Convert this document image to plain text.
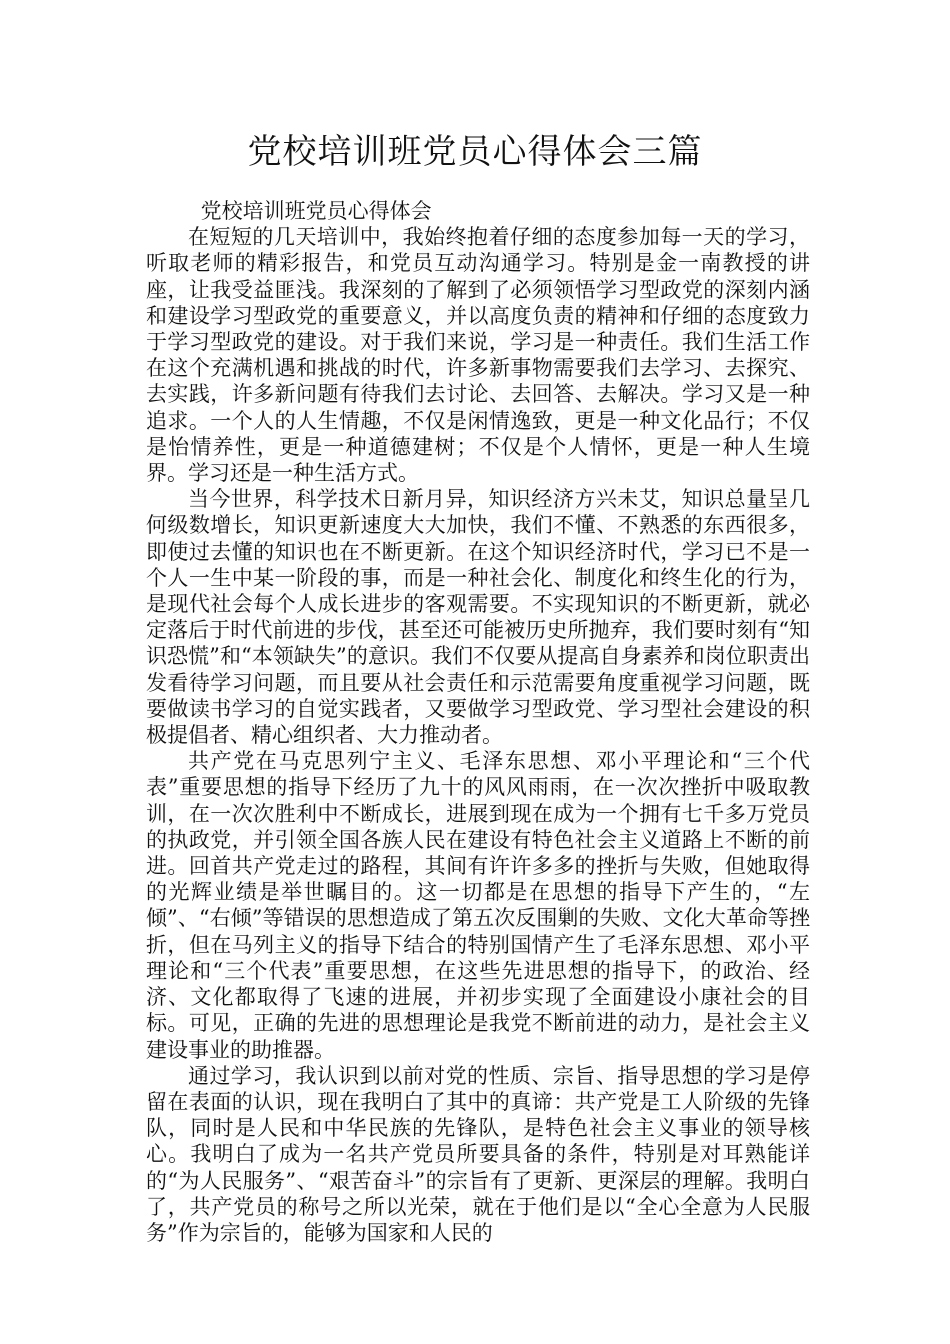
党校培训班党员心得体会三篇

党校培训班党员心得体会

在短短的几天培训中，我始终抱着仔细的态度参加每一天的学习，听取老师的精彩报告，和党员互动沟通学习。特别是金一南教授的讲座，让我受益匪浅。我深刻的了解到了必须领悟学习型政党的深刻内涵和建设学习型政党的重要意义，并以高度负责的精神和仔细的态度致力于学习型政党的建设。对于我们来说，学习是一种责任。我们生活工作在这个充满机遇和挑战的时代，许多新事物需要我们去学习、去探究、去实践，许多新问题有待我们去讨论、去回答、去解决。学习又是一种追求。一个人的人生情趣，不仅是闲情逸致，更是一种文化品行；不仅是怡情养性，更是一种道德建树；不仅是个人情怀，更是一种人生境界。学习还是一种生活方式。

当今世界，科学技术日新月异，知识经济方兴未艾，知识总量呈几何级数增长，知识更新速度大大加快，我们不懂、不熟悉的东西很多，即使过去懂的知识也在不断更新。在这个知识经济时代，学习已不是一个人一生中某一阶段的事，而是一种社会化、制度化和终生化的行为，是现代社会每个人成长进步的客观需要。不实现知识的不断更新，就必定落后于时代前进的步伐，甚至还可能被历史所抛弃，我们要时刻有“知识恐慌”和“本领缺失”的意识。我们不仅要从提高自身素养和岗位职责出发看待学习问题，而且要从社会责任和示范需要角度重视学习问题，既要做读书学习的自觉实践者，又要做学习型政党、学习型社会建设的积极提倡者、精心组织者、大力推动者。

共产党在马克思列宁主义、毛泽东思想、邓小平理论和“三个代表”重要思想的指导下经历了九十的风风雨雨，在一次次挫折中吸取教训，在一次次胜利中不断成长，进展到现在成为一个拥有七千多万党员的执政党，并引领全国各族人民在建设有特色社会主义道路上不断的前进。回首共产党走过的路程，其间有许许多多的挫折与失败，但她取得的光辉业绩是举世瞩目的。这一切都是在思想的指导下产生的，“左倾”、“右倾”等错误的思想造成了第五次反围剿的失败、文化大革命等挫折，但在马列主义的指导下结合的特别国情产生了毛泽东思想、邓小平理论和“三个代表”重要思想，在这些先进思想的指导下，的政治、经济、文化都取得了飞速的进展，并初步实现了全面建设小康社会的目标。可见，正确的先进的思想理论是我党不断前进的动力，是社会主义建设事业的助推器。

通过学习，我认识到以前对党的性质、宗旨、指导思想的学习是停留在表面的认识，现在我明白了其中的真谛：共产党是工人阶级的先锋队，同时是人民和中华民族的先锋队，是特色社会主义事业的领导核心。我明白了成为一名共产党员所要具备的条件，特别是对耳熟能详的“为人民服务”、“艰苦奋斗”的宗旨有了更新、更深层的理解。我明白了，共产党员的称号之所以光荣，就在于他们是以“全心全意为人民服务”作为宗旨的，能够为国家和人民的
